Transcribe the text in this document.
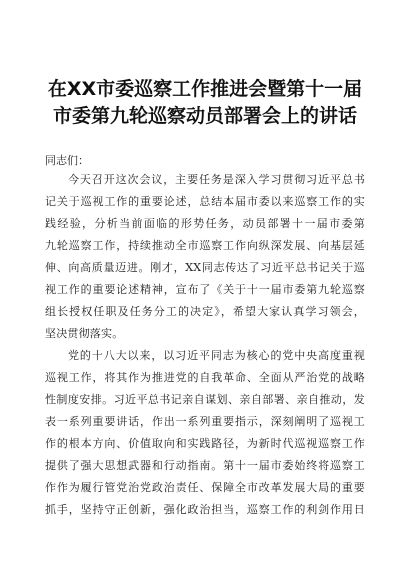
在XX市委巡察工作推进会暨第十一届
市委第九轮巡察动员部署会上的讲话
同志们：
今天召开这次会议，主要任务是深入学习贯彻习近平总书
记关于巡视工作的重要论述，总结本届市委以来巡察工作的实
践经验，分析当前面临的形势任务，动员部署十一届市委第
九轮巡察工作，持续推动全市巡察工作向纵深发展、向基层延
伸、向高质量迈进。刚才，XX同志传达了习近平总书记关于巡
视工作的重要论述精神，宣布了《关于十一届市委第九轮巡察
组长授权任职及任务分工的决定》，希望大家认真学习领会，
坚决贯彻落实。
党的十八大以来，以习近平同志为核心的党中央高度重视
巡视工作，将其作为推进党的自我革命、全面从严治党的战略
性制度安排。习近平总书记亲自谋划、亲自部署、亲自推动，发
表一系列重要讲话，作出一系列重要指示，深刻阐明了巡视工
作的根本方向、价值取向和实践路径，为新时代巡视巡察工作
提供了强大思想武器和行动指南。第十一届市委始终将巡察工
作作为履行管党治党政治责任、保障全市改革发展大局的重要
抓手，坚持守正创新，强化政治担当，巡察工作的利剑作用日
